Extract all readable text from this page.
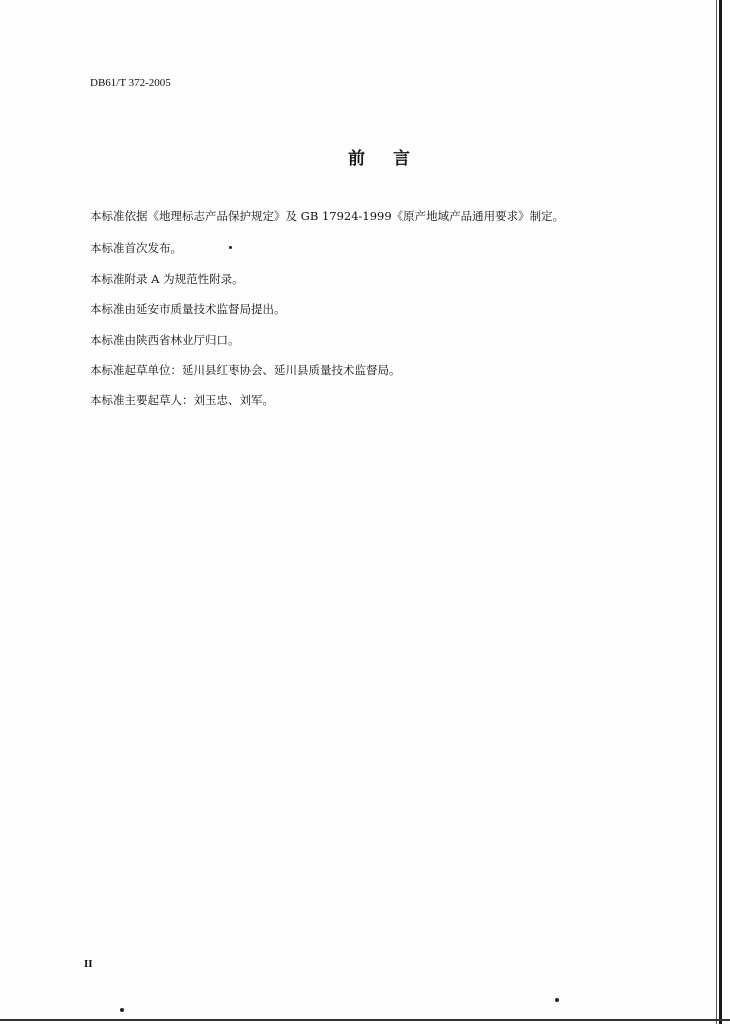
DB61/T 372-2005
前言
本标准依据《地理标志产品保护规定》及 GB 17924-1999《原产地域产品通用要求》制定。
本标准首次发布。
本标准附录 A 为规范性附录。
本标准由延安市质量技术监督局提出。
本标准由陕西省林业厅归口。
本标准起草单位：延川县红枣协会、延川县质量技术监督局。
本标准主要起草人：刘玉忠、刘军。
II
